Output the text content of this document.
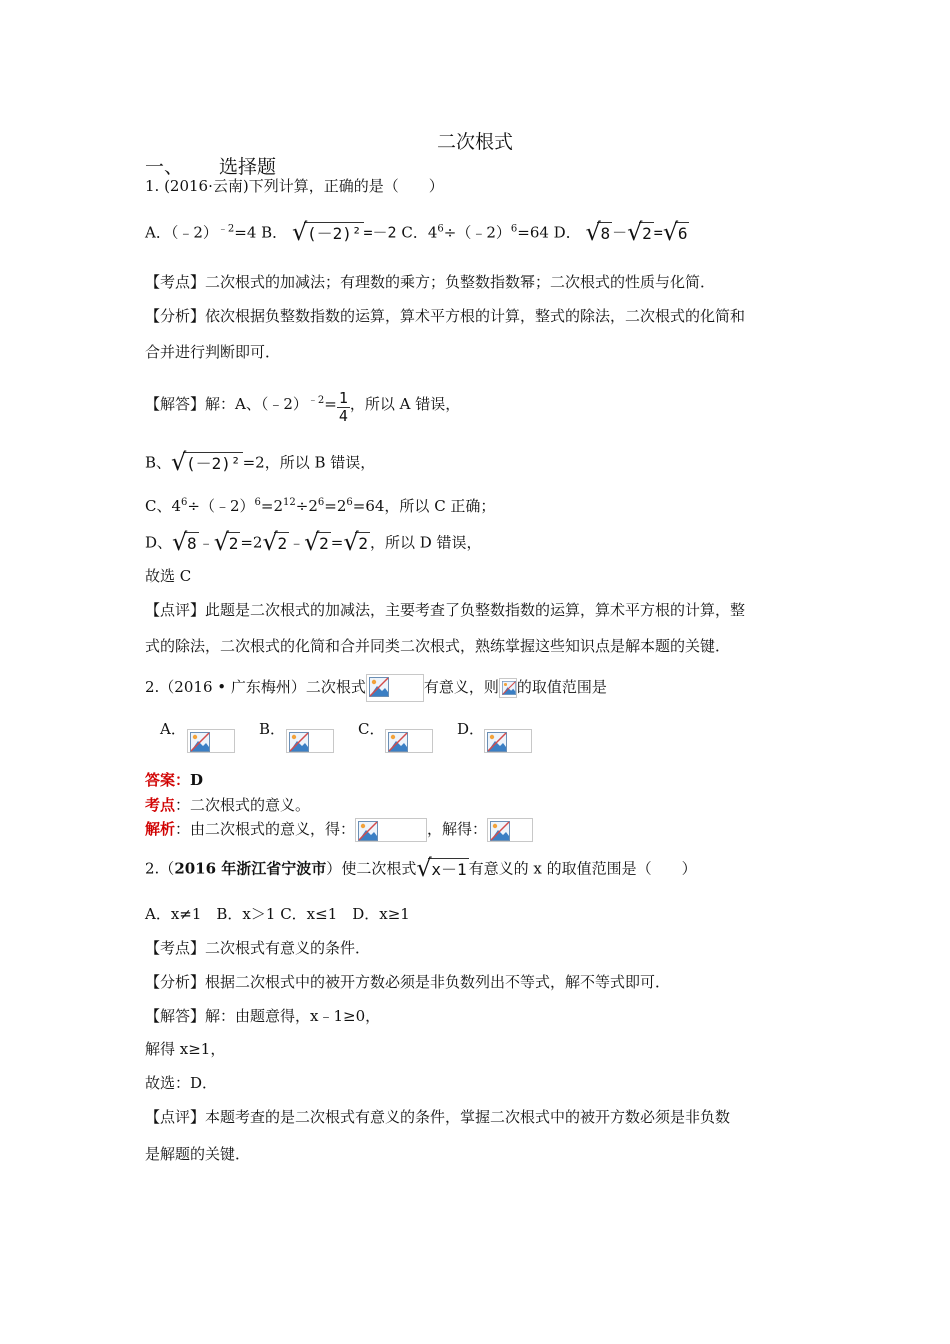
二次根式
一、 选择题
1. (2016·云南)下列计算，正确的是（　　）
A．（﹣2）$^{﹣2}$=4 B． √ (－2)² =－2 C．$4^6\div(﹣2)^6=64$ D． √ 8 － √ 2 = √ 6
【考点】二次根式的加减法；有理数的乘方；负整数指数幂；二次根式的性质与化简．
【分析】依次根据负整数指数的运算，算术平方根的计算，整式的除法，二次根式的化简和
合并进行判断即可．
【解答】解：A、（﹣2）$^{﹣2}$= $\frac{1}{4}$ ，所以 A 错误，
B、 √ (－2)² =2，所以 B 错误，
C、$4^6\div(﹣2)^6=2^{12}\div 2^6=2^6=64$，所以 C 正确；
D、 √ 8 ﹣ √ 2 =2 √ 2 ﹣ √ 2 = √ 2 ，所以 D 错误，
故选 C
【点评】此题是二次根式的加减法，主要考查了负整数指数的运算，算术平方根的计算，整
式的除法，二次根式的化简和合并同类二次根式，熟练掌握这些知识点是解本题的关键．
2.（2016 • 广东梅州）二次根式	有意义，则 的取值范围是
A．	B．	C．	D．
答案：D
考点：二次根式的意义。
解析：由二次根式的意义，得：	，解得：
2.（2016 年浙江省宁波市）使二次根式 √ x－1 有意义的 x 的取值范围是（　　）
A．x≠1　B．x＞1 C．x≤1　D．x≥1
【考点】二次根式有意义的条件．
【分析】根据二次根式中的被开方数必须是非负数列出不等式，解不等式即可．
【解答】解：由题意得，x﹣1≥0，
解得 x≥1，
故选：D．
【点评】本题考查的是二次根式有意义的条件，掌握二次根式中的被开方数必须是非负数
是解题的关键．
